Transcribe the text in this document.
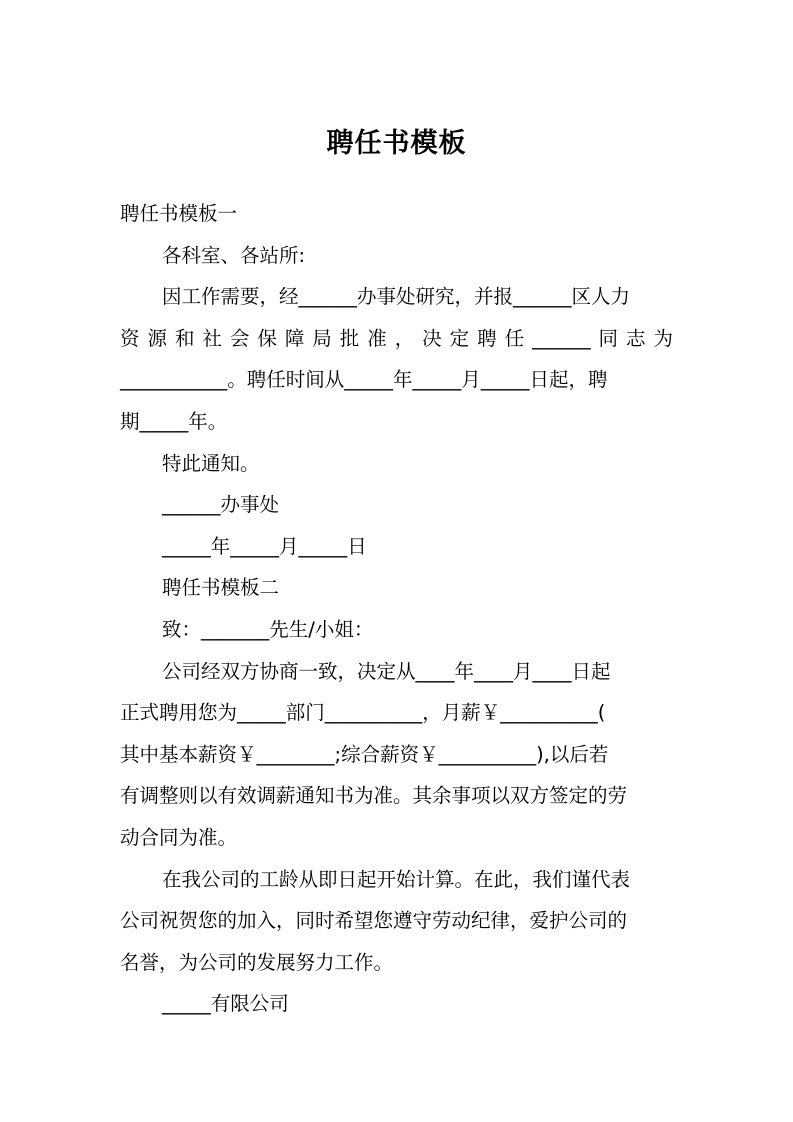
聘任书模板
聘任书模板一
各科室、各站所:
因工作需要，经______办事处研究，并报______区人力
资源和社会保障局批准，决定聘任______同志为
___________。聘任时间从_____年_____月_____日起，聘
期_____年。
特此通知。
______办事处
_____年_____月_____日
聘任书模板二
致：_______先生/小姐：
公司经双方协商一致，决定从____年____月____日起
正式聘用您为_____部门__________，月薪￥__________(
其中基本薪资￥________;综合薪资￥__________),以后若
有调整则以有效调薪通知书为准。其余事项以双方签定的劳
动合同为准。
在我公司的工龄从即日起开始计算。在此，我们谨代表
公司祝贺您的加入，同时希望您遵守劳动纪律，爱护公司的
名誉，为公司的发展努力工作。
_____有限公司
